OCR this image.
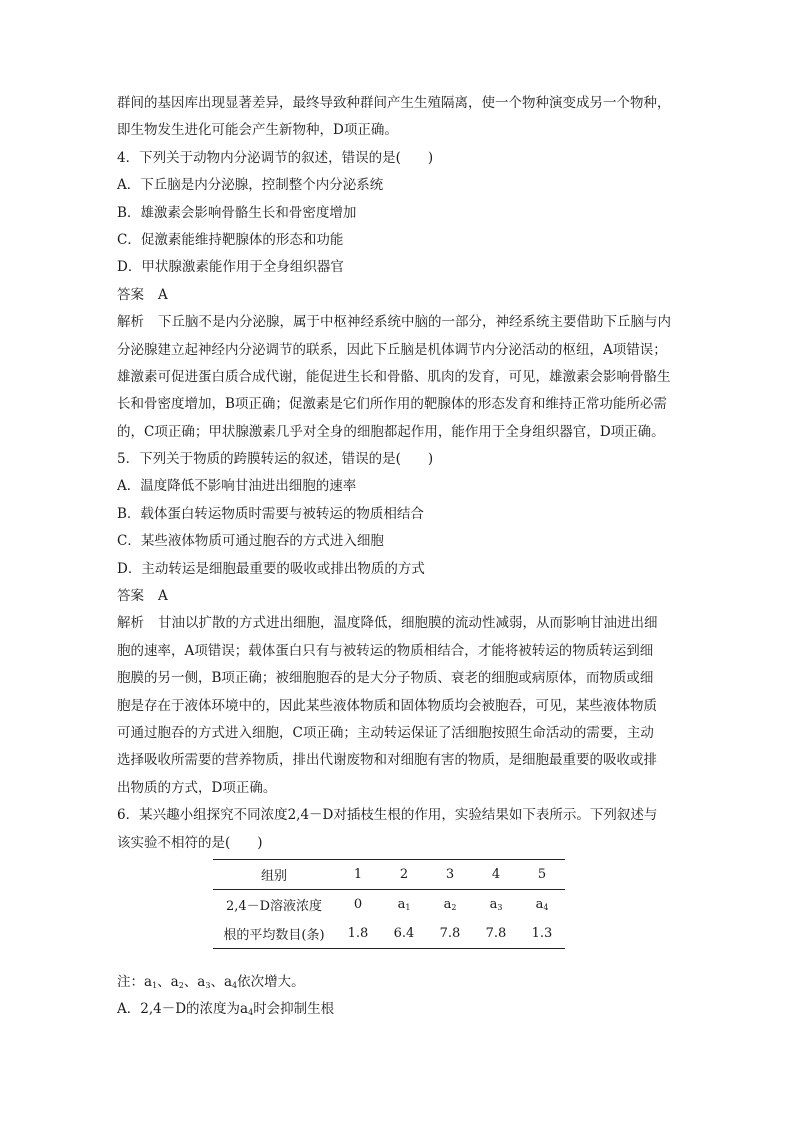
群间的基因库出现显著差异，最终导致种群间产生生殖隔离，使一个物种演变成另一个物种，
即生物发生进化可能会产生新物种，D项正确。
4．下列关于动物内分泌调节的叙述，错误的是(　　)
A．下丘脑是内分泌腺，控制整个内分泌系统
B．雄激素会影响骨骼生长和骨密度增加
C．促激素能维持靶腺体的形态和功能
D．甲状腺激素能作用于全身组织器官
答案 A
解析 下丘脑不是内分泌腺，属于中枢神经系统中脑的一部分，神经系统主要借助下丘脑与内
分泌腺建立起神经内分泌调节的联系，因此下丘脑是机体调节内分泌活动的枢纽，A项错误；
雄激素可促进蛋白质合成代谢，能促进生长和骨骼、肌肉的发育，可见，雄激素会影响骨骼生
长和骨密度增加，B项正确；促激素是它们所作用的靶腺体的形态发育和维持正常功能所必需
的，C项正确；甲状腺激素几乎对全身的细胞都起作用，能作用于全身组织器官，D项正确。
5．下列关于物质的跨膜转运的叙述，错误的是(　　)
A．温度降低不影响甘油进出细胞的速率
B．载体蛋白转运物质时需要与被转运的物质相结合
C．某些液体物质可通过胞吞的方式进入细胞
D．主动转运是细胞最重要的吸收或排出物质的方式
答案 A
解析 甘油以扩散的方式进出细胞，温度降低，细胞膜的流动性减弱，从而影响甘油进出细
胞的速率，A项错误；载体蛋白只有与被转运的物质相结合，才能将被转运的物质转运到细
胞膜的另一侧，B项正确；被细胞胞吞的是大分子物质、衰老的细胞或病原体，而物质或细
胞是存在于液体环境中的，因此某些液体物质和固体物质均会被胞吞，可见，某些液体物质
可通过胞吞的方式进入细胞，C项正确；主动转运保证了活细胞按照生命活动的需要，主动
选择吸收所需要的营养物质，排出代谢废物和对细胞有害的物质，是细胞最重要的吸收或排
出物质的方式，D项正确。
6．某兴趣小组探究不同浓度2,4－D对插枝生根的作用，实验结果如下表所示。下列叙述与
该实验不相符的是(　　)
组别	1	2	3	4	5
2,4－D溶液浓度	0	$a_1$	$a_2$	$a_3$	$a_4$
根的平均数目(条)	1.8	6.4	7.8	7.8	1.3
注：$a_1$、$a_2$、$a_3$、$a_4$依次增大。
A．2,4－D的浓度为$a_4$时会抑制生根
